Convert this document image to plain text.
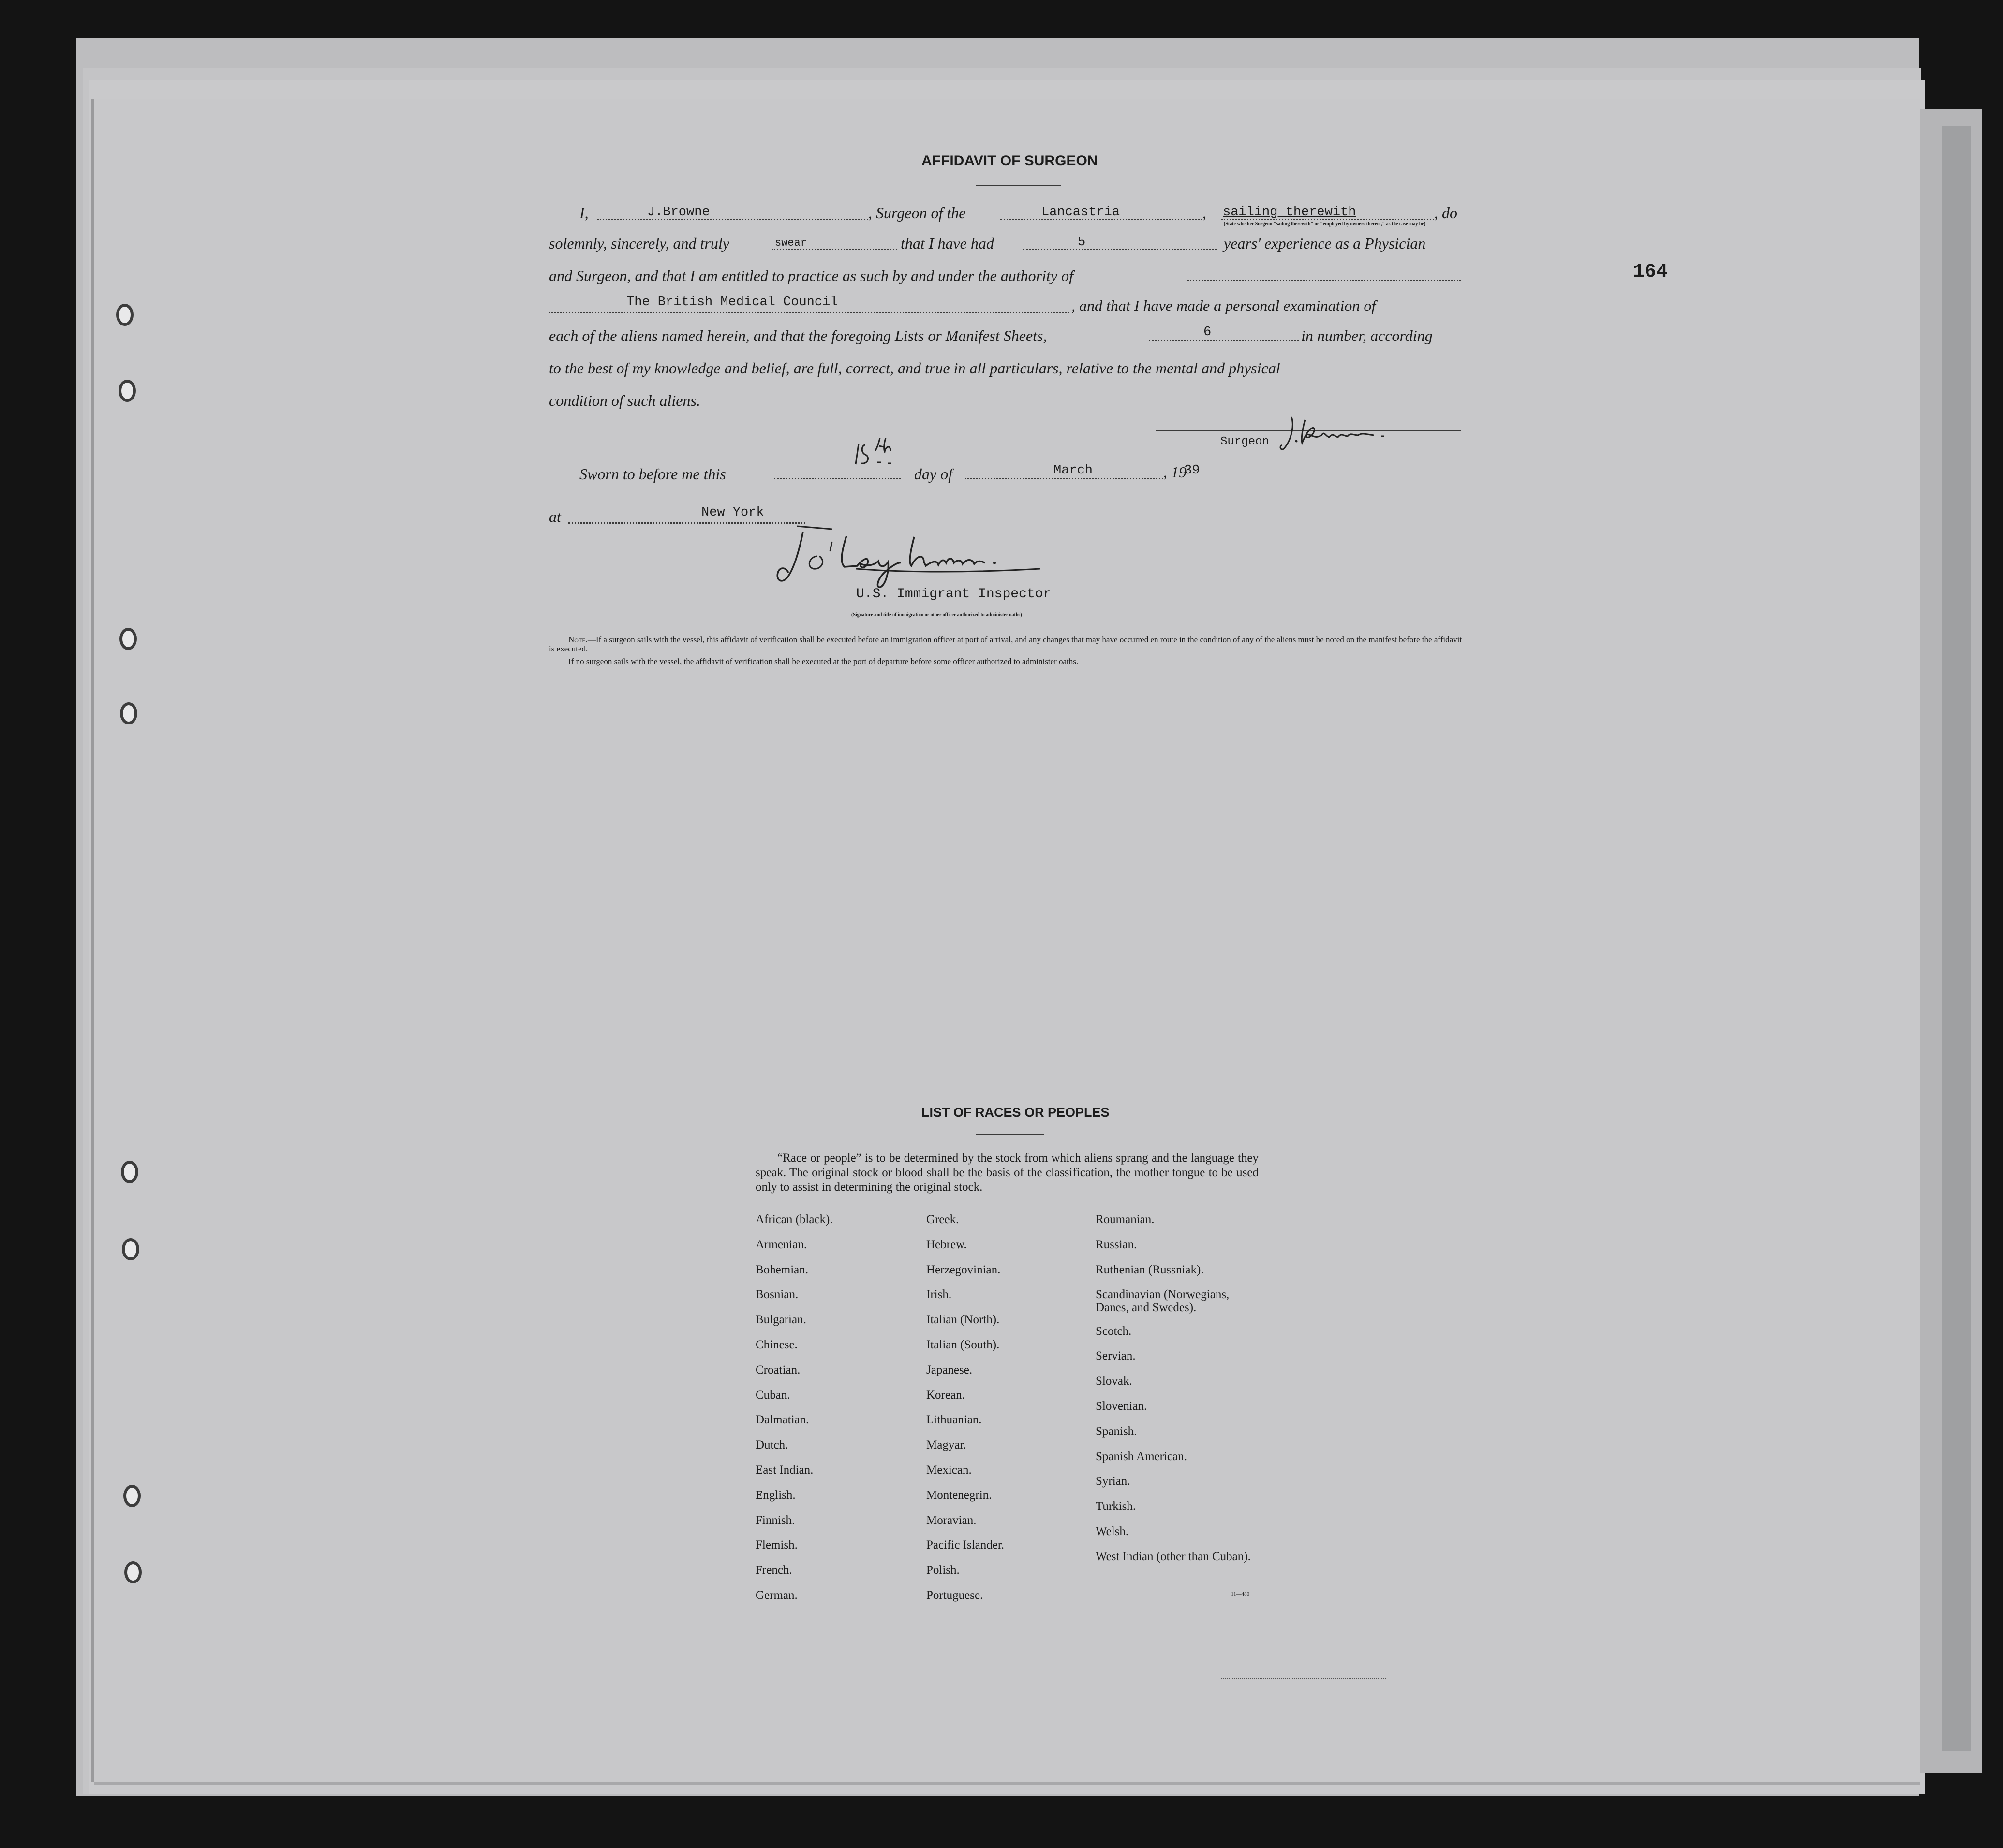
164
AFFIDAVIT OF SURGEON
I,	J.Browne	, Surgeon of the	Lancastria	, sailing therewith
(State whether Surgeon "sailing therewith" or "employed by owners thereof," as the case may be)
, do
solemnly, sincerely, and truly	swear	that I have had	5	years' experience as a Physician
and Surgeon, and that I am entitled to practice as such by and under the authority of
The British Medical Council	, and that I have made a personal examination of
each of the aliens named herein, and that the foregoing Lists or Manifest Sheets,	6	in number, according
to the best of my knowledge and belief, are full, correct, and true in all particulars, relative to the mental and physical
condition of such aliens.
Surgeon
Sworn to before me this	day of	March	, 19
39
at	New York
U.S. Immigrant Inspector
(Signature and title of immigration or other officer authorized to administer oaths)
Note.—If a surgeon sails with the vessel, this affidavit of verification shall be executed before an immigration officer at port of arrival, and any changes that may have occurred en route in the condition of any of the aliens must be noted on the manifest before the affidavit is executed.
If no surgeon sails with the vessel, the affidavit of verification shall be executed at the port of departure before some officer authorized to administer oaths.
LIST OF RACES OR PEOPLES
“Race or people” is to be determined by the stock from which aliens sprang and the language they speak. The original stock or blood shall be the basis of the classification, the mother tongue to be used only to assist in determining the original stock.
African (black).
Armenian.
Bohemian.
Bosnian.
Bulgarian.
Chinese.
Croatian.
Cuban.
Dalmatian.
Dutch.
East Indian.
English.
Finnish.
Flemish.
French.
German.
Greek.
Hebrew.
Herzegovinian.
Irish.
Italian (North).
Italian (South).
Japanese.
Korean.
Lithuanian.
Magyar.
Mexican.
Montenegrin.
Moravian.
Pacific Islander.
Polish.
Portuguese.
Roumanian.
Russian.
Ruthenian (Russniak).
Scandinavian (Norwegians, Danes, and Swedes).
Scotch.
Servian.
Slovak.
Slovenian.
Spanish.
Spanish American.
Syrian.
Turkish.
Welsh.
West Indian (other than Cuban).
11—480
